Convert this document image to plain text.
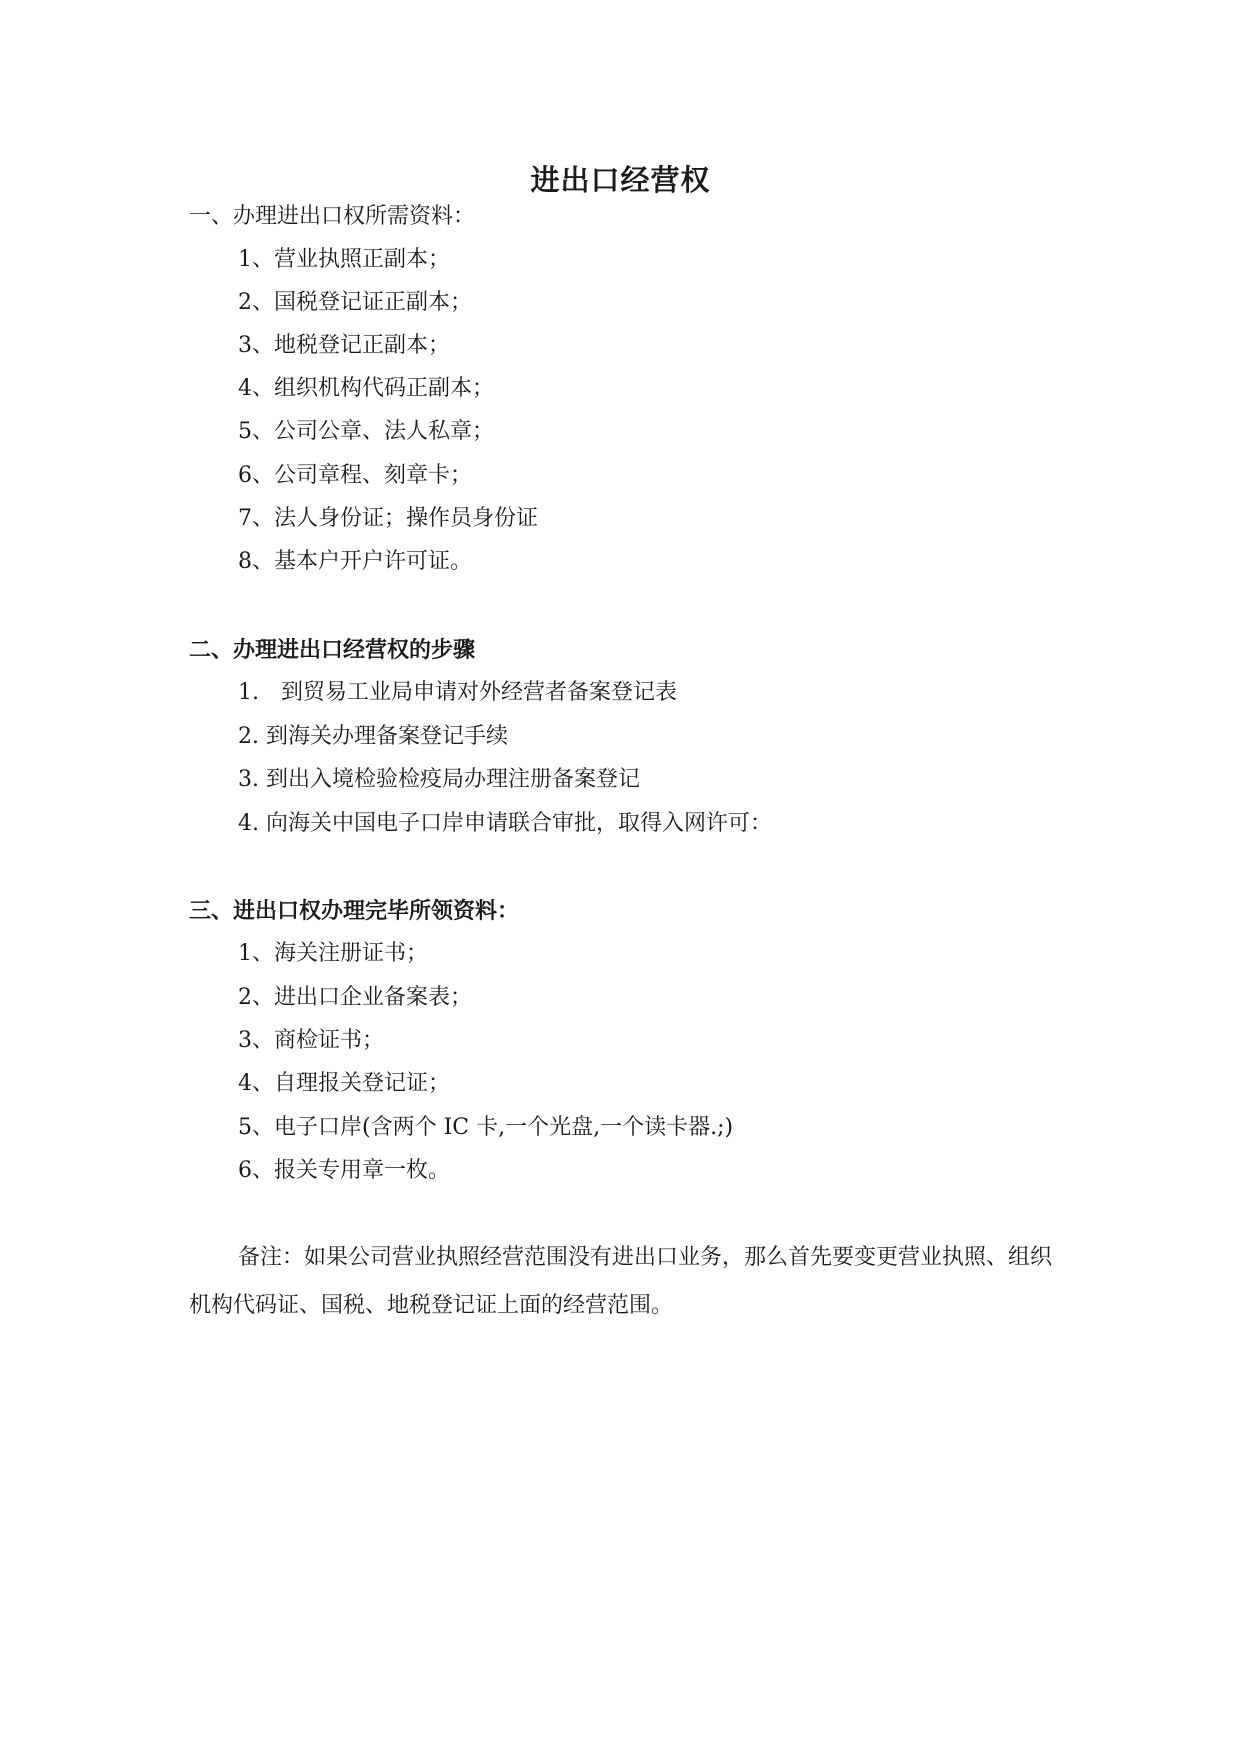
进出口经营权
一、办理进出口权所需资料：
1、营业执照正副本；
2、国税登记证正副本；
3、地税登记正副本；
4、组织机构代码正副本；
5、公司公章、法人私章；
6、公司章程、刻章卡；
7、法人身份证；操作员身份证
8、基本户开户许可证。
二、办理进出口经营权的步骤
1.　到贸易工业局申请对外经营者备案登记表
2. 到海关办理备案登记手续
3. 到出入境检验检疫局办理注册备案登记
4. 向海关中国电子口岸申请联合审批，取得入网许可：
三、进出口权办理完毕所领资料：
1、海关注册证书；
2、进出口企业备案表；
3、商检证书；
4、自理报关登记证；
5、电子口岸(含两个 IC 卡,一个光盘,一个读卡器.;)
6、报关专用章一枚。
备注：如果公司营业执照经营范围没有进出口业务，那么首先要变更营业执照、组织机构代码证、国税、地税登记证上面的经营范围。
